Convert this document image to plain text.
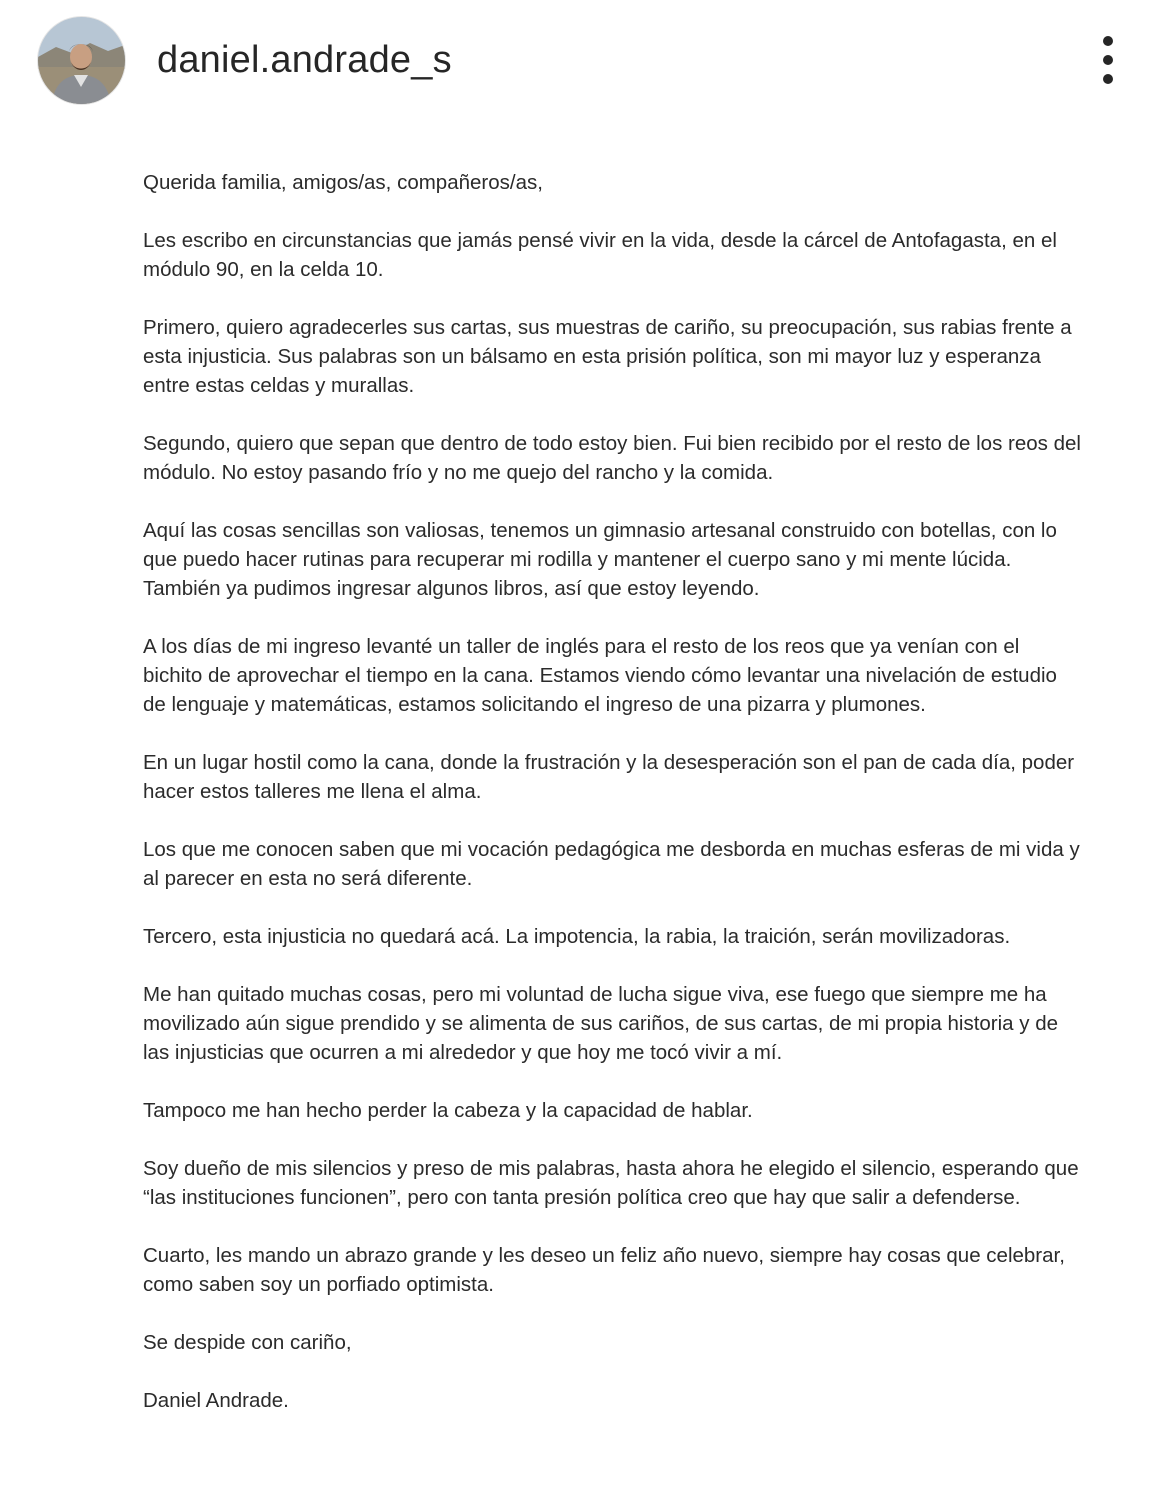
daniel.andrade_s

Querida familia, amigos/as, compañeros/as,

Les escribo en circunstancias que jamás pensé vivir en la vida, desde la cárcel de Antofagasta, en el módulo 90, en la celda 10.

Primero, quiero agradecerles sus cartas, sus muestras de cariño, su preocupación, sus rabias frente a esta injusticia. Sus palabras son un bálsamo en esta prisión política, son mi mayor luz y esperanza entre estas celdas y murallas.

Segundo, quiero que sepan que dentro de todo estoy bien. Fui bien recibido por el resto de los reos del módulo. No estoy pasando frío y no me quejo del rancho y la comida.

Aquí las cosas sencillas son valiosas, tenemos un gimnasio artesanal construido con botellas, con lo que puedo hacer rutinas para recuperar mi rodilla y mantener el cuerpo sano y mi mente lúcida. También ya pudimos ingresar algunos libros, así que estoy leyendo.

A los días de mi ingreso levanté un taller de inglés para el resto de los reos que ya venían con el bichito de aprovechar el tiempo en la cana. Estamos viendo cómo levantar una nivelación de estudio de lenguaje y matemáticas, estamos solicitando el ingreso de una pizarra y plumones.

En un lugar hostil como la cana, donde la frustración y la desesperación son el pan de cada día, poder hacer estos talleres me llena el alma.

Los que me conocen saben que mi vocación pedagógica me desborda en muchas esferas de mi vida y al parecer en esta no será diferente.

Tercero, esta injusticia no quedará acá. La impotencia, la rabia, la traición, serán movilizadoras.

Me han quitado muchas cosas, pero mi voluntad de lucha sigue viva, ese fuego que siempre me ha movilizado aún sigue prendido y se alimenta de sus cariños, de sus cartas, de mi propia historia y de las injusticias que ocurren a mi alrededor y que hoy me tocó vivir a mí.

Tampoco me han hecho perder la cabeza y la capacidad de hablar.

Soy dueño de mis silencios y preso de mis palabras, hasta ahora he elegido el silencio, esperando que “las instituciones funcionen”, pero con tanta presión política creo que hay que salir a defenderse.

Cuarto, les mando un abrazo grande y les deseo un feliz año nuevo, siempre hay cosas que celebrar, como saben soy un porfiado optimista.

Se despide con cariño,

Daniel Andrade.
